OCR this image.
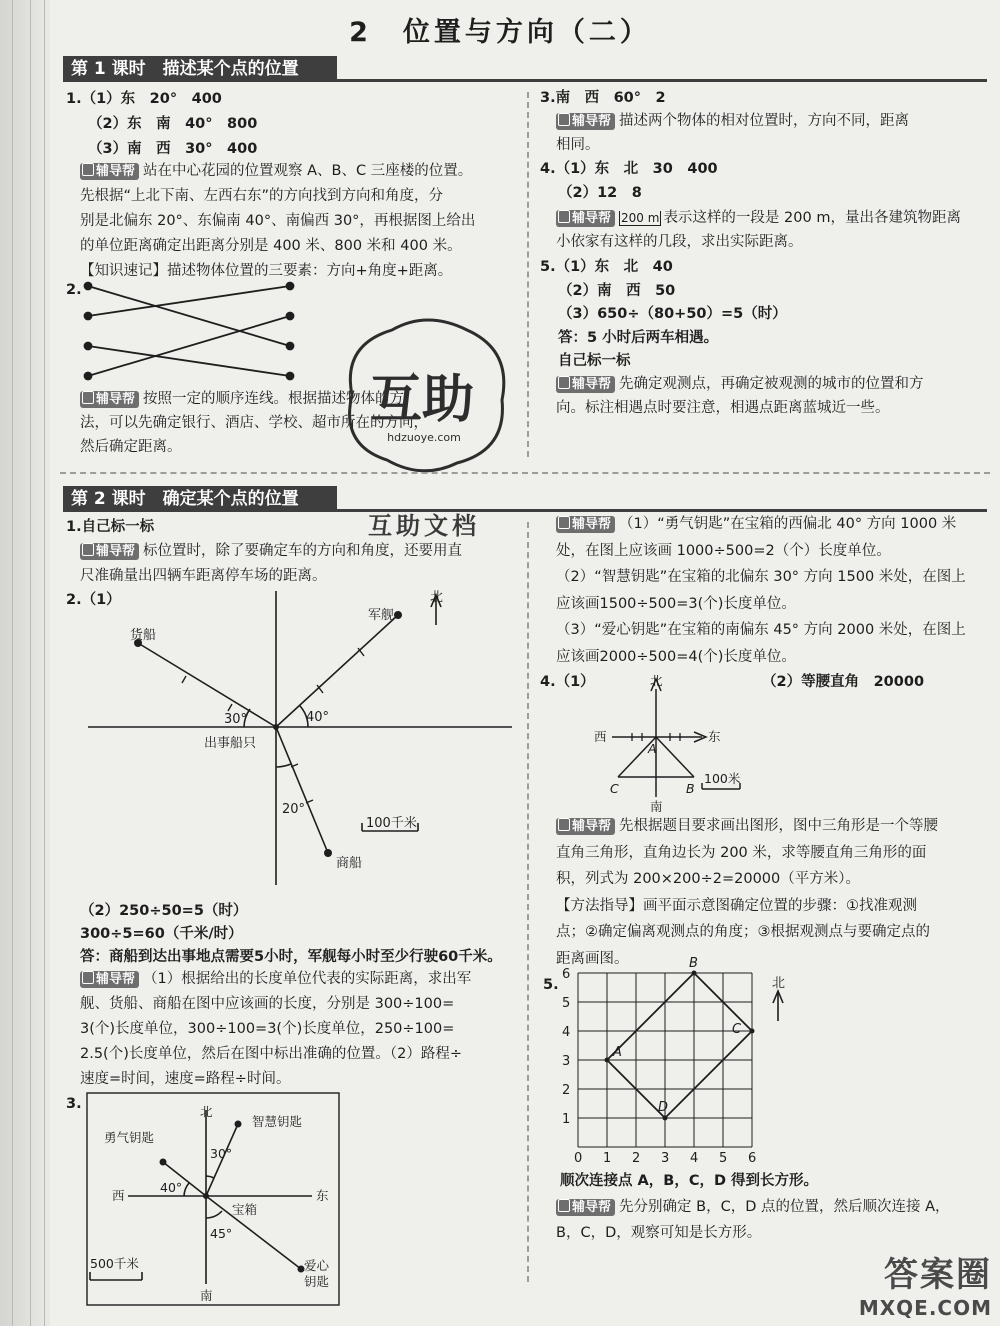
2　位置与方向（二）
第 1 课时　描述某个点的位置
1.（1）东　20°　400
（2）东　南　40°　800
（3）南　西　30°　400
辅导帮 站在中心花园的位置观察 A、B、C 三座楼的位置。
先根据“上北下南、左西右东”的方向找到方向和角度，分
别是北偏东 20°、东偏南 40°、南偏西 30°，再根据图上给出
的单位距离确定出距离分别是 400 米、800 米和 400 米。
【知识速记】描述物体位置的三要素：方向+角度+距离。
2.
辅导帮 按照一定的顺序连线。根据描述物体的方
法，可以先确定银行、酒店、学校、超市所在的方向，
然后确定距离。
3.南　西　60°　2
辅导帮 描述两个物体的相对位置时，方向不同，距离
相同。
4.（1）东　北　30　400
（2）12　8
辅导帮 200 m 表示这样的一段是 200 m，量出各建筑物距离
小依家有这样的几段，求出实际距离。
5.（1）东　北　40
（2）南　西　50
（3）650÷（80+50）=5（时）
答：5 小时后两车相遇。
自己标一标
辅导帮 先确定观测点，再确定被观测的城市的位置和方
向。标注相遇点时要注意，相遇点距离蓝城近一些。
互助
hdzuoye.com
第 2 课时　确定某个点的位置
互助文档
1.自己标一标
辅导帮 标位置时，除了要确定车的方向和角度，还要用直
尺准确量出四辆车距离停车场的距离。
2.（1）
（2）250÷50=5（时）
300÷5=60（千米/时）
答：商船到达出事地点需要5小时，军舰每小时至少行驶60千米。
辅导帮 （1）根据给出的长度单位代表的实际距离，求出军
舰、货船、商船在图中应该画的长度，分别是 300÷100=
3(个)长度单位，300÷100=3(个)长度单位，250÷100=
2.5(个)长度单位，然后在图中标出准确的位置。（2）路程÷
速度=时间，速度=路程÷时间。
3.
北
军舰
货船
商船
出事船只
30°	40°
20°
100千米
北
南
东
西
勇气钥匙
智慧钥匙
宝箱
爱心
钥匙
30°
40°
45°
500千米
辅导帮 （1）“勇气钥匙”在宝箱的西偏北 40° 方向 1000 米
处，在图上应该画 1000÷500=2（个）长度单位。
（2）“智慧钥匙”在宝箱的北偏东 30° 方向 1500 米处，在图上
应该画1500÷500=3(个)长度单位。
（3）“爱心钥匙”在宝箱的南偏东 45° 方向 2000 米处，在图上
应该画2000÷500=4(个)长度单位。
4.（1）	（2）等腰直角　20000
辅导帮 先根据题目要求画出图形，图中三角形是一个等腰
直角三角形，直角边长为 200 米，求等腰直角三角形的面
积，列式为 200×200÷2=20000（平方米）。
【方法指导】画平面示意图确定位置的步骤：①找准观测
点；②确定偏离观测点的角度；③根据观测点与要确定点的
距离画图。
5.
顺次连接点 A，B，C，D 得到长方形。
辅导帮 先分别确定 B，C，D 点的位置，然后顺次连接 A，
B，C，D，观察可知是长方形。
北
南
东
西
A
B
C
100米
0 1 2 3 4 5 6
1
2
3
4
5
6
A
B
C
D
北
答案圈
MXQE.COM
